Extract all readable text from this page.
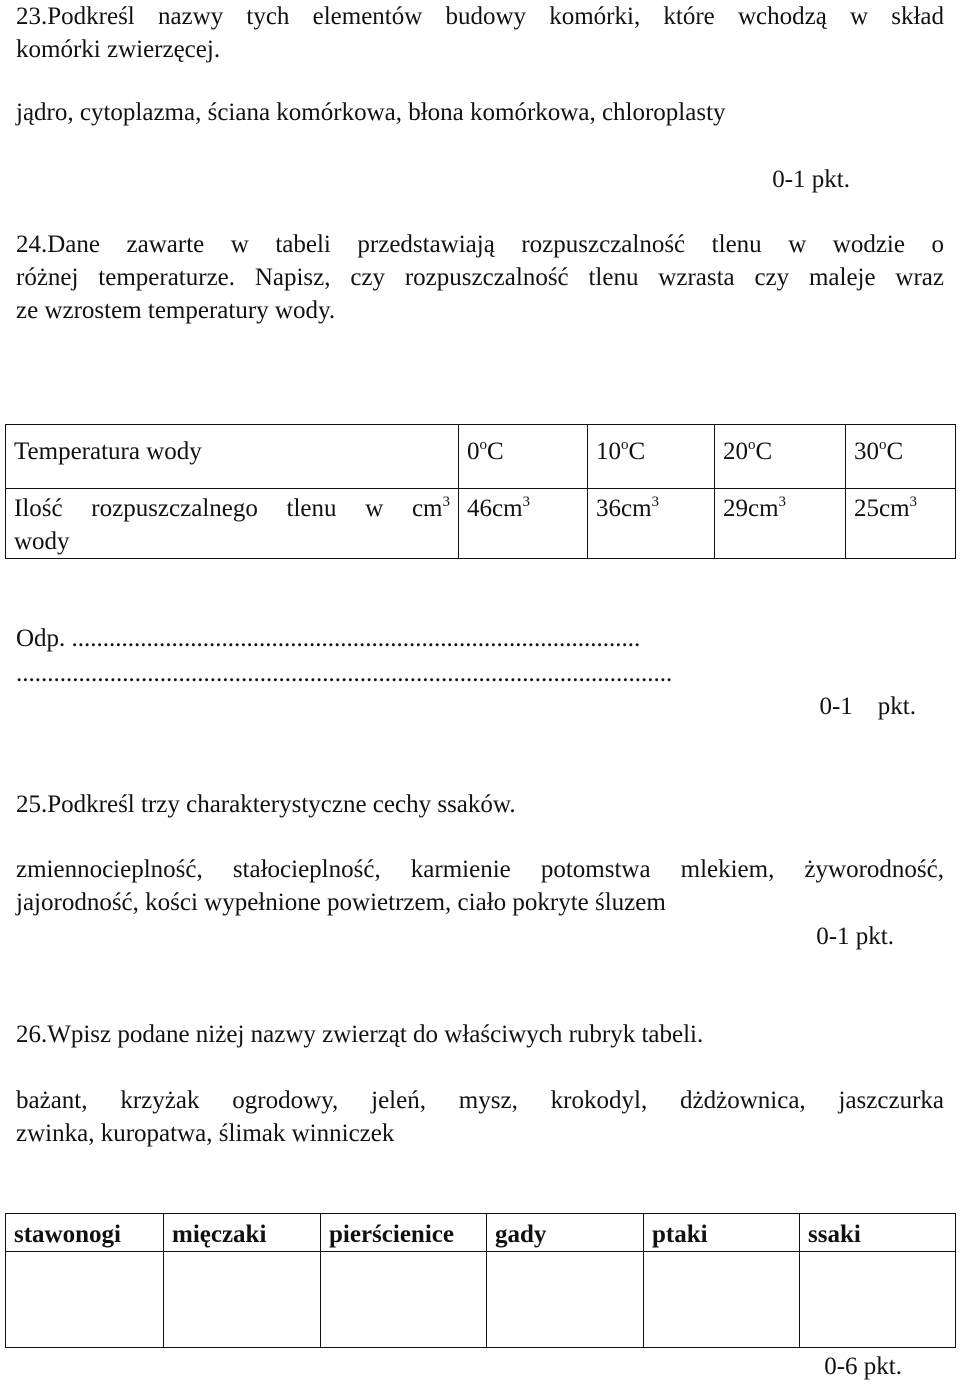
23.Podkreśl nazwy tych elementów budowy komórki, które wchodzą w skład
komórki zwierzęcej.
jądro, cytoplazma, ściana komórkowa, błona komórkowa, chloroplasty
0-1 pkt.
24.Dane zawarte w tabeli przedstawiają rozpuszczalność tlenu w wodzie o
różnej temperaturze. Napisz, czy rozpuszczalność tlenu wzrasta czy maleje wraz
ze wzrostem temperatury wody.
Temperatura wody	0$^o$C	10$^o$C	20$^o$C	30$^o$C

Ilość rozpuszczalnego tlenu w $cm^3$
wody	$46cm^3$	$36cm^3$	$29cm^3$	$25cm^3$
Odp. ...........................................................................................
.........................................................................................................
0-1    pkt.
25.Podkreśl trzy charakterystyczne cechy ssaków.
zmiennocieplność, stałocieplność, karmienie potomstwa mlekiem, żyworodność,
jajorodność, kości wypełnione powietrzem, ciało pokryte śluzem
0-1 pkt.
26.Wpisz podane niżej nazwy zwierząt do właściwych rubryk tabeli.
bażant, krzyżak ogrodowy, jeleń, mysz, krokodyl, dżdżownica, jaszczurka
zwinka, kuropatwa, ślimak winniczek
stawonogi	mięczaki	pierścienice	gady	ptaki	ssaki

0-6 pkt.
